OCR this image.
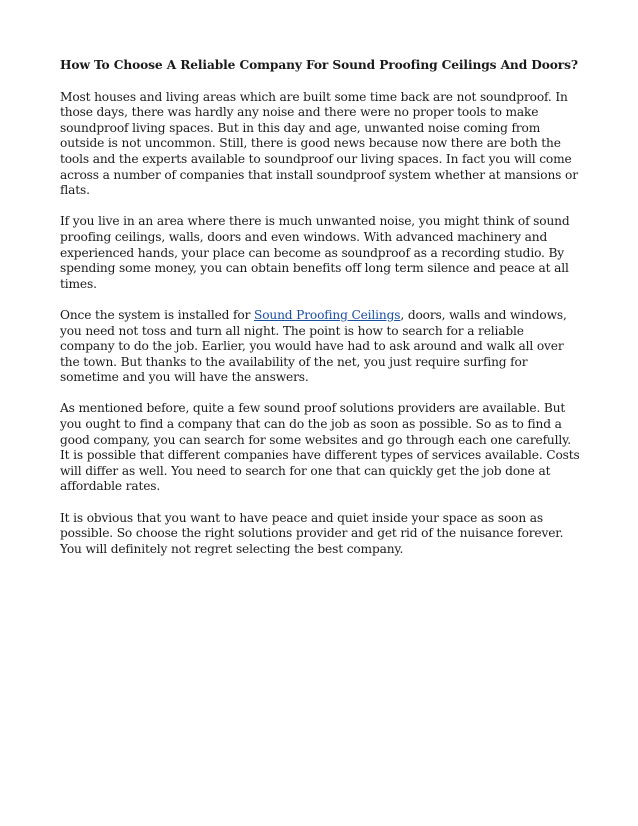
How To Choose A Reliable Company For Sound Proofing Ceilings And Doors?

Most houses and living areas which are built some time back are not soundproof. In those days, there was hardly any noise and there were no proper tools to make soundproof living spaces. But in this day and age, unwanted noise coming from outside is not uncommon. Still, there is good news because now there are both the tools and the experts available to soundproof our living spaces. In fact you will come across a number of companies that install soundproof system whether at mansions or flats.

If you live in an area where there is much unwanted noise, you might think of sound proofing ceilings, walls, doors and even windows. With advanced machinery and experienced hands, your place can become as soundproof as a recording studio. By spending some money, you can obtain benefits off long term silence and peace at all times.

Once the system is installed for Sound Proofing Ceilings, doors, walls and windows, you need not toss and turn all night. The point is how to search for a reliable company to do the job. Earlier, you would have had to ask around and walk all over the town. But thanks to the availability of the net, you just require surfing for sometime and you will have the answers.

As mentioned before, quite a few sound proof solutions providers are available. But you ought to find a company that can do the job as soon as possible. So as to find a good company, you can search for some websites and go through each one carefully. It is possible that different companies have different types of services available. Costs will differ as well. You need to search for one that can quickly get the job done at affordable rates.

It is obvious that you want to have peace and quiet inside your space as soon as possible. So choose the right solutions provider and get rid of the nuisance forever. You will definitely not regret selecting the best company.
